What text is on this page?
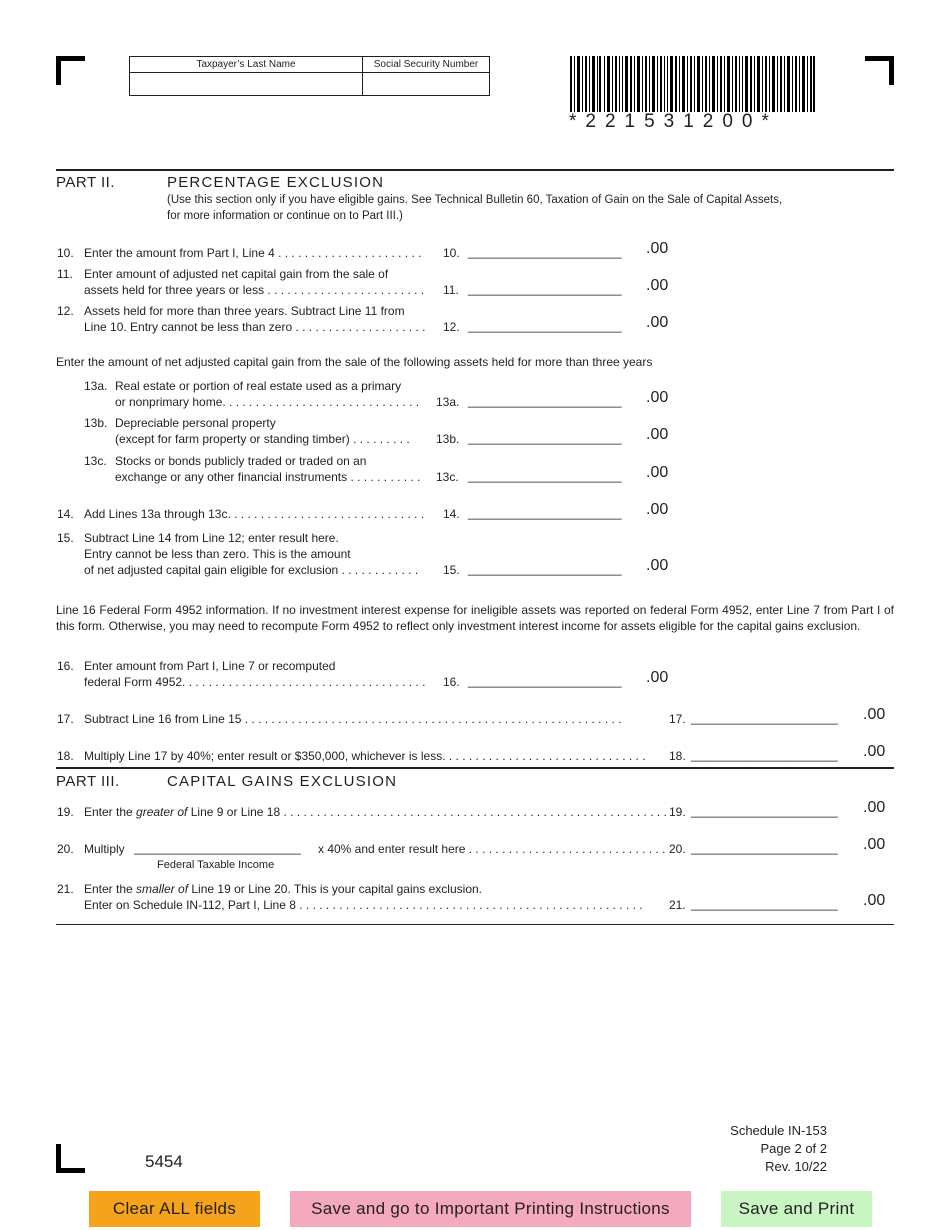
Taxpayer’s Last Name	Social Security Number
*221531200*
PART II.	PERCENTAGE EXCLUSION
(Use this section only if you have eligible gains. See Technical Bulletin 60, Taxation of Gain on the Sale of Capital Assets,
for more information or continue on to Part III.)
10. Enter the amount from Part I, Line 4 . . . . . . . . . . . . . . . . . . . . . . 10. _______________________ .00
11. Enter amount of adjusted net capital gain from the sale of
assets held for three years or less . . . . . . . . . . . . . . . . . . . . . . . . 11. _______________________ .00
12. Assets held for more than three years. Subtract Line 11 from
Line 10. Entry cannot be less than zero . . . . . . . . . . . . . . . . . . . . 12. _______________________ .00
Enter the amount of net adjusted capital gain from the sale of the following assets held for more than three years
13a. Real estate or portion of real estate used as a primary
or nonprimary home. . . . . . . . . . . . . . . . . . . . . . . . . . . . . . 13a. _______________________ .00
13b. Depreciable personal property
(except for farm property or standing timber) . . . . . . . . . 13b. _______________________ .00
13c. Stocks or bonds publicly traded or traded on an
exchange or any other financial instruments . . . . . . . . . . . 13c. _______________________ .00
14. Add Lines 13a through 13c. . . . . . . . . . . . . . . . . . . . . . . . . . . . . . 14. _______________________ .00
15. Subtract Line 14 from Line 12; enter result here.
Entry cannot be less than zero. This is the amount
of net adjusted capital gain eligible for exclusion . . . . . . . . . . . . 15. _______________________ .00
Line 16 Federal Form 4952 information. If no investment interest expense for ineligible assets was reported on federal Form 4952, enter Line 7 from Part I of this form. Otherwise, you may need to recompute Form 4952 to reflect only investment interest income for assets eligible for the capital gains exclusion.
16. Enter amount from Part I, Line 7 or recomputed
federal Form 4952. . . . . . . . . . . . . . . . . . . . . . . . . . . . . . . . . . . . . 16. _______________________ .00
17. Subtract Line 16 from Line 15 . . . . . . . . . . . . . . . . . . . . . . . . . . . . . . . . . . . . . . . . . . . . . . . . . . . . . . . . .	17. ______________________ .00
18. Multiply Line 17 by 40%; enter result or $350,000, whichever is less. . . . . . . . . . . . . . . . . . . . . . . . . . . . . . . 18. ______________________ .00
PART III.	CAPITAL GAINS EXCLUSION
19. Enter the greater of Line 9 or Line 18 . . . . . . . . . . . . . . . . . . . . . . . . . . . . . . . . . . . . . . . . . . . . . . . . . . . . . . . . . . 19. ______________________ .00
20. Multiply _________________________ x 40% and enter result here . . . . . . . . . . . . . . . . . . . . . . . . . . . . . .
Federal Taxable Income
20. ______________________ .00
21. Enter the smaller of Line 19 or Line 20. This is your capital gains exclusion.
Enter on Schedule IN-112, Part I, Line 8 . . . . . . . . . . . . . . . . . . . . . . . . . . . . . . . . . . . . . . . . . . . . . . . . . . . . 21. ______________________ .00
5454
Schedule IN-153
Page 2 of 2
Rev. 10/22
Clear ALL fields	Save and go to Important Printing Instructions	Save and Print
